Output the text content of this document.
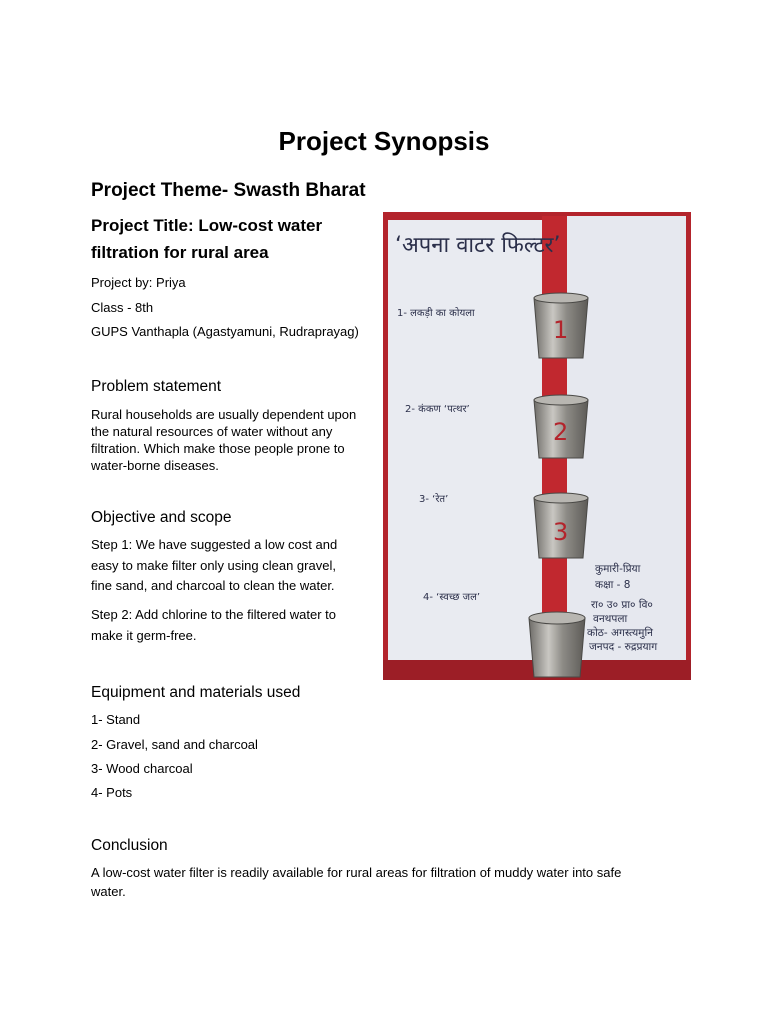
Project Synopsis
Project Theme- Swasth Bharat
Project Title: Low-cost water
filtration for rural area
Project by: Priya
Class - 8th
GUPS Vanthapla (Agastyamuni, Rudraprayag)
Problem statement
Rural households are usually dependent upon
the natural resources of water without any
filtration. Which make those people prone to
water-borne diseases.
Objective and scope
Step 1: We have suggested a low cost and
easy to make filter only using clean gravel,
fine sand, and charcoal to clean the water.
Step 2: Add chlorine to the filtered water to
make it germ-free.
Equipment and materials used
1- Stand
2- Gravel, sand and charcoal
3- Wood charcoal
4- Pots
Conclusion
A low-cost water filter is readily available for rural areas for filtration of muddy water into safe
water.
‘अपना वाटर फिल्टर’
1- लकड़ी का कोयला
2- कंकण ‘पत्थर’
3- ‘रेत’
4- ‘स्वच्छ जल’
1
2
3
कुमारी-प्रिया
कक्षा - 8
रा० उ० प्रा० वि०
वनथपला
कोठ- अगस्त्यमुनि
जनपद - रुद्रप्रयाग
